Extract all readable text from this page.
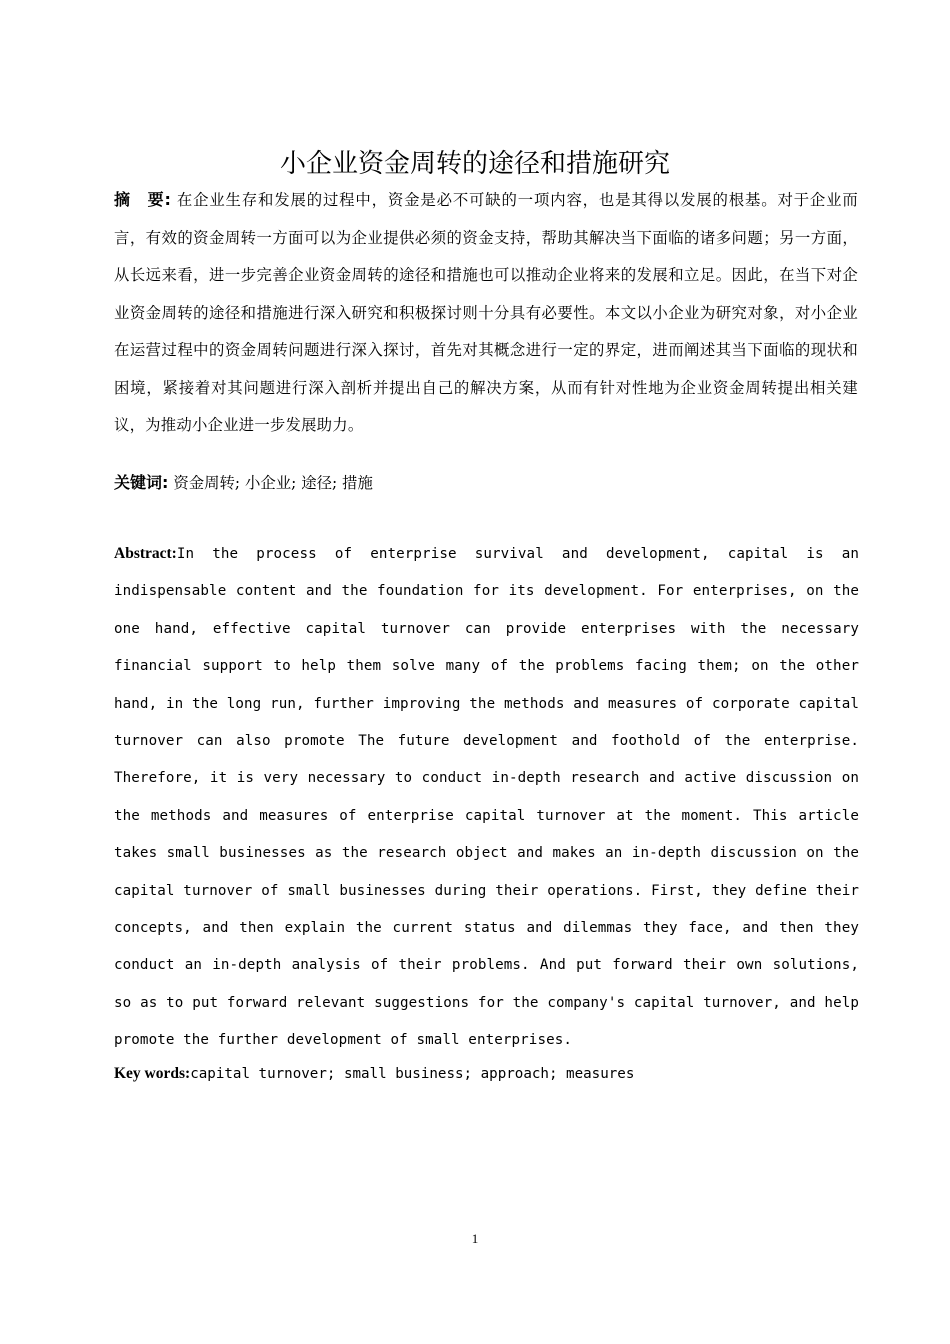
小企业资金周转的途径和措施研究
摘　要: 在企业生存和发展的过程中，资金是必不可缺的一项内容，也是其得以发展的根基。对于企业而言，有效的资金周转一方面可以为企业提供必须的资金支持，帮助其解决当下面临的诸多问题；另一方面，从长远来看，进一步完善企业资金周转的途径和措施也可以推动企业将来的发展和立足。因此，在当下对企业资金周转的途径和措施进行深入研究和积极探讨则十分具有必要性。本文以小企业为研究对象，对小企业在运营过程中的资金周转问题进行深入探讨，首先对其概念进行一定的界定，进而阐述其当下面临的现状和困境，紧接着对其问题进行深入剖析并提出自己的解决方案，从而有针对性地为企业资金周转提出相关建议，为推动小企业进一步发展助力。
关键词: 资金周转; 小企业; 途径; 措施
Abstract:In the process of enterprise survival and development, capital is an indispensable content and the foundation for its development. For enterprises, on the one hand, effective capital turnover can provide enterprises with the necessary financial support to help them solve many of the problems facing them; on the other hand, in the long run, further improving the methods and measures of corporate capital turnover can also promote The future development and foothold of the enterprise. Therefore, it is very necessary to conduct in-depth research and active discussion on the methods and measures of enterprise capital turnover at the moment. This article takes small businesses as the research object and makes an in-depth discussion on the capital turnover of small businesses during their operations. First, they define their concepts, and then explain the current status and dilemmas they face, and then they conduct an in-depth analysis of their problems. And put forward their own solutions, so as to put forward relevant suggestions for the company's capital turnover, and help promote the further development of small enterprises.
Key words:capital turnover; small business; approach; measures
1
